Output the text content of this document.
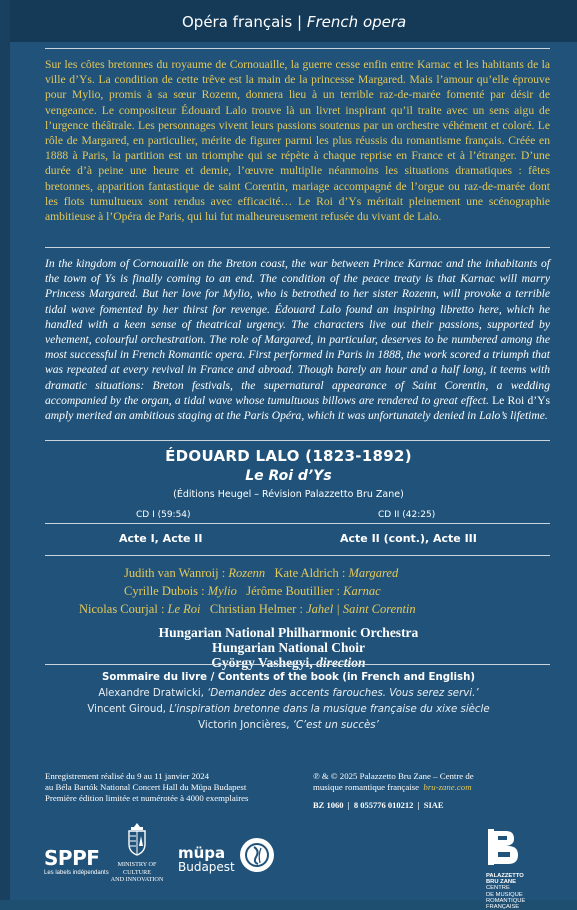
Opéra français | French opera
Sur les côtes bretonnes du royaume de Cornouaille, la guerre cesse enfin entre Karnac et les habitants de la ville d’Ys. La condition de cette trêve est la main de la princesse Margared. Mais l’amour qu’elle éprouve pour Mylio, promis à sa sœur Rozenn, donnera lieu à un terrible raz-de-marée fomenté par désir de vengeance. Le compositeur Édouard Lalo trouve là un livret inspirant qu’il traite avec un sens aigu de l’urgence théâtrale. Les personnages vivent leurs passions soutenus par un orchestre véhément et coloré. Le rôle de Margared, en particulier, mérite de figurer parmi les plus réussis du romantisme français. Créée en 1888 à Paris, la partition est un triomphe qui se répète à chaque reprise en France et à l’étranger. D’une durée d’à peine une heure et demie, l’œuvre multiplie néanmoins les situations dramatiques : fêtes bretonnes, apparition fantastique de saint Corentin, mariage accompagné de l’orgue ou raz-de-marée dont les flots tumultueux sont rendus avec efficacité… Le Roi d’Ys méritait pleinement une scénographie ambitieuse à l’Opéra de Paris, qui lui fut malheureusement refusée du vivant de Lalo.
In the kingdom of Cornouaille on the Breton coast, the war between Prince Karnac and the inhabitants of the town of Ys is finally coming to an end. The condition of the peace treaty is that Karnac will marry Princess Margared. But her love for Mylio, who is betrothed to her sister Rozenn, will provoke a terrible tidal wave fomented by her thirst for revenge. Édouard Lalo found an inspiring libretto here, which he handled with a keen sense of theatrical urgency. The characters live out their passions, supported by vehement, colourful orchestration. The role of Margared, in particular, deserves to be numbered among the most successful in French Romantic opera. First performed in Paris in 1888, the work scored a triumph that was repeated at every revival in France and abroad. Though barely an hour and a half long, it teems with dramatic situations: Breton festivals, the supernatural appearance of Saint Corentin, a wedding accompanied by the organ, a tidal wave whose tumultuous billows are rendered to great effect. Le Roi d’Ys amply merited an ambitious staging at the Paris Opéra, which it was unfortunately denied in Lalo’s lifetime.
ÉDOUARD LALO (1823-1892)
Le Roi d’Ys
(Éditions Heugel – Révision Palazzetto Bru Zane)
CD I (59:54)	CD II (42:25)
Acte I, Acte II	Acte II (cont.), Acte III
Judith van Wanroij : Rozenn Kate Aldrich : Margared
Cyrille Dubois : Mylio Jérôme Boutillier : Karnac
Nicolas Courjal : Le Roi Christian Helmer : Jahel | Saint Corentin
Hungarian National Philharmonic Orchestra
Hungarian National Choir
György Vashegyi, direction
Sommaire du livre / Contents of the book (in French and English)
Alexandre Dratwicki, ‘Demandez des accents farouches. Vous serez servi.’
Vincent Giroud, L’inspiration bretonne dans la musique française du xixe siècle
Victorin Joncières, ‘C’est un succès’
Enregistrement réalisé du 9 au 11 janvier 2024
au Béla Bartók National Concert Hall du Müpa Budapest
Première édition limitée et numérotée à 4000 exemplaires
℗ & © 2025 Palazzetto Bru Zane – Centre de musique romantique française bru-zane.com
BZ 1060  |  8 055776 010212  |  SIAE
SPPF
Les labels indépendants
MINISTRY OF CULTURE
AND INNOVATION
müpa
Budapest
PALAZZETTO
BRU ZANE
CENTRE
DE MUSIQUE
ROMANTIQUE
FRANÇAISE
